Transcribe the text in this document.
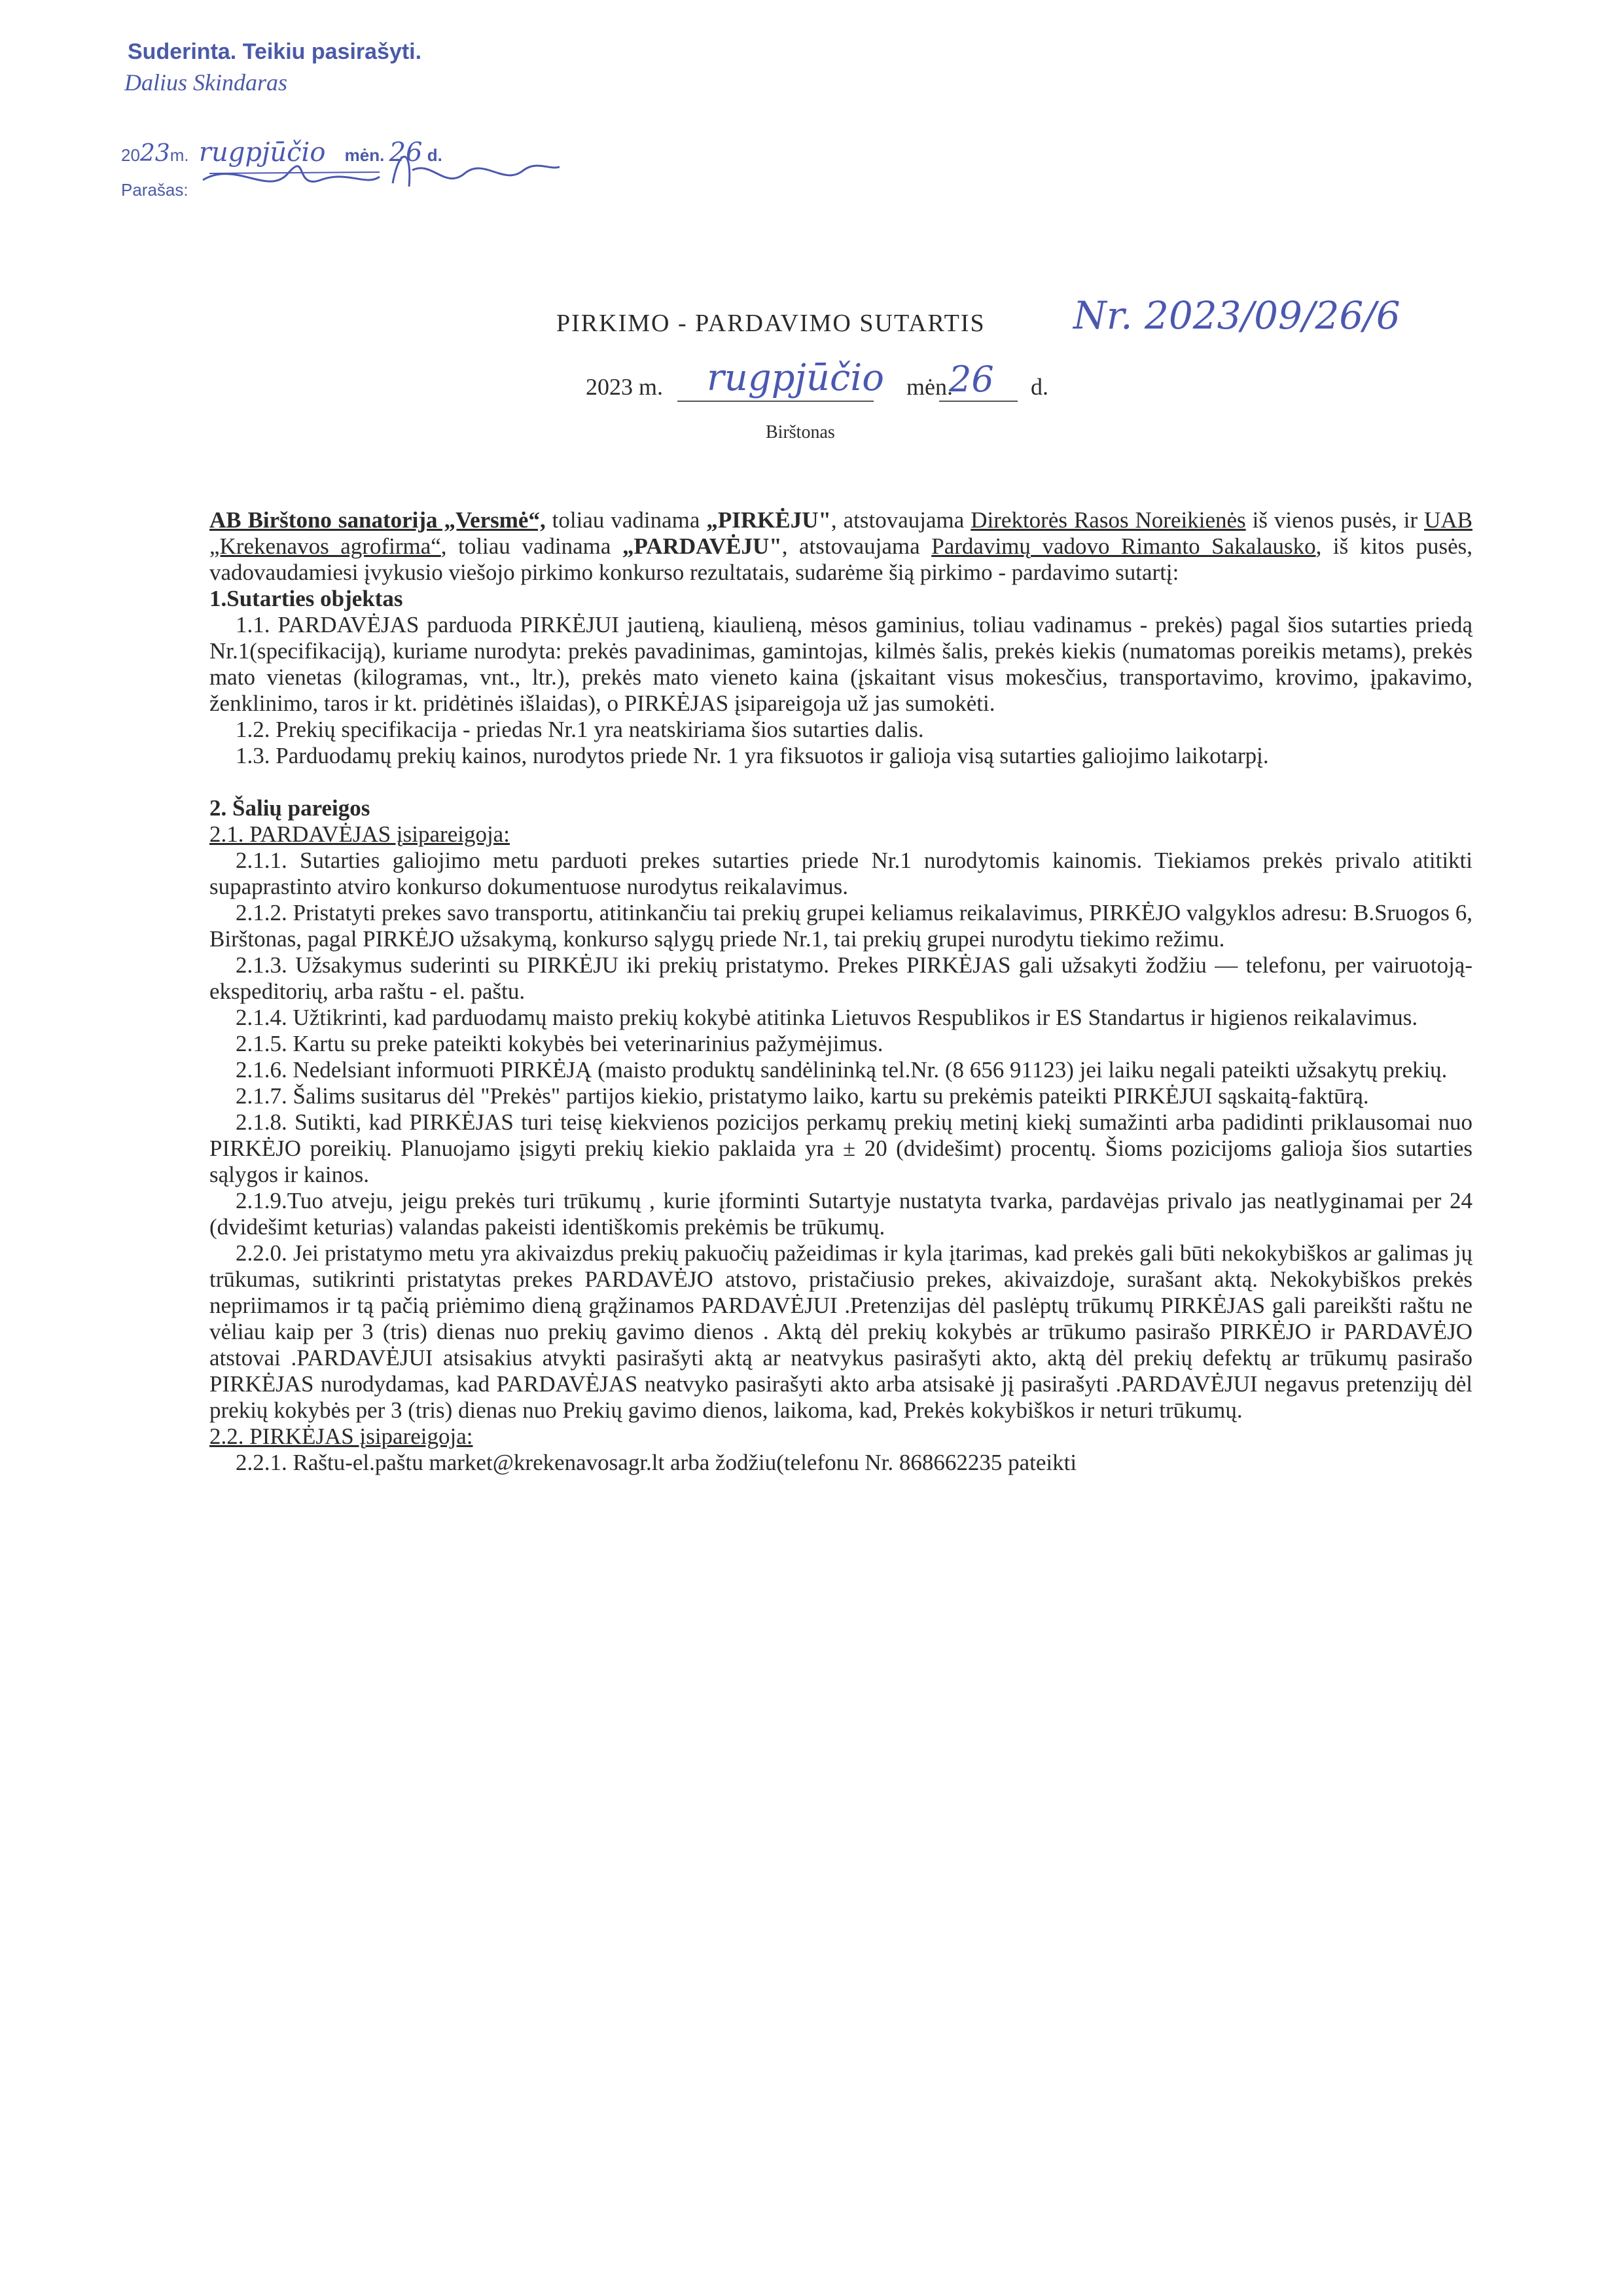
Suderinta. Teikiu pasirašyti.
Dalius Skindaras
2023m. rugpjūčio mėn. 26 d.
Parašas:
PIRKIMO - PARDAVIMO SUTARTIS Nr. 2023/09/26/6
2023 m. rugpjūčio mėn.
26 d.
Birštonas

AB Birštono sanatorija „Versmė“, toliau vadinama „PIRKĖJU", atstovaujama Direktorės Rasos Noreikienės iš vienos pusės, ir UAB „Krekenavos agrofirma“, toliau vadinama „PARDAVĖJU", atstovaujama Pardavimų vadovo Rimanto Sakalausko, iš kitos pusės, vadovaudamiesi įvykusio viešojo pirkimo konkurso rezultatais, sudarėme šią pirkimo - pardavimo sutartį:

1.Sutarties objektas

1.1. PARDAVĖJAS parduoda PIRKĖJUI jautieną, kiaulieną, mėsos gaminius, toliau vadinamus - prekės) pagal šios sutarties priedą Nr.1(specifikaciją), kuriame nurodyta: prekės pavadinimas, gamintojas, kilmės šalis, prekės kiekis (numatomas poreikis metams), prekės mato vienetas (kilogramas, vnt., ltr.), prekės mato vieneto kaina (įskaitant visus mokesčius, transportavimo, krovimo, įpakavimo, ženklinimo, taros ir kt. pridėtinės išlaidas), o PIRKĖJAS įsipareigoja už jas sumokėti.

1.2. Prekių specifikacija - priedas Nr.1 yra neatskiriama šios sutarties dalis.

1.3. Parduodamų prekių kainos, nurodytos priede Nr. 1 yra fiksuotos ir galioja visą sutarties galiojimo laikotarpį.

2. Šalių pareigos

2.1. PARDAVĖJAS įsipareigoja:

2.1.1. Sutarties galiojimo metu parduoti prekes sutarties priede Nr.1 nurodytomis kainomis. Tiekiamos prekės privalo atitikti supaprastinto atviro konkurso dokumentuose nurodytus reikalavimus.

2.1.2. Pristatyti prekes savo transportu, atitinkančiu tai prekių grupei keliamus reikalavimus, PIRKĖJO valgyklos adresu: B.Sruogos 6, Birštonas, pagal PIRKĖJO užsakymą, konkurso sąlygų priede Nr.1, tai prekių grupei nurodytu tiekimo režimu.

2.1.3. Užsakymus suderinti su PIRKĖJU iki prekių pristatymo. Prekes PIRKĖJAS gali užsakyti žodžiu — telefonu, per vairuotoją- ekspeditorių, arba raštu - el. paštu.

2.1.4. Užtikrinti, kad parduodamų maisto prekių kokybė atitinka Lietuvos Respublikos ir ES Standartus ir higienos reikalavimus.

2.1.5. Kartu su preke pateikti kokybės bei veterinarinius pažymėjimus.

2.1.6. Nedelsiant informuoti PIRKĖJĄ (maisto produktų sandėlininką tel.Nr. (8 656 91123) jei laiku negali pateikti užsakytų prekių.

2.1.7. Šalims susitarus dėl "Prekės" partijos kiekio, pristatymo laiko, kartu su prekėmis pateikti PIRKĖJUI sąskaitą-faktūrą.

2.1.8. Sutikti, kad PIRKĖJAS turi teisę kiekvienos pozicijos perkamų prekių metinį kiekį sumažinti arba padidinti priklausomai nuo PIRKĖJO poreikių. Planuojamo įsigyti prekių kiekio paklaida yra ± 20 (dvidešimt) procentų. Šioms pozicijoms galioja šios sutarties sąlygos ir kainos.

2.1.9.Tuo atveju, jeigu prekės turi trūkumų , kurie įforminti Sutartyje nustatyta tvarka, pardavėjas privalo jas neatlyginamai per 24 (dvidešimt keturias) valandas pakeisti identiškomis prekėmis be trūkumų.

2.2.0. Jei pristatymo metu yra akivaizdus prekių pakuočių pažeidimas ir kyla įtarimas, kad prekės gali būti nekokybiškos ar galimas jų trūkumas, sutikrinti pristatytas prekes PARDAVĖJO atstovo, pristačiusio prekes, akivaizdoje, surašant aktą. Nekokybiškos prekės nepriimamos ir tą pačią priėmimo dieną grąžinamos PARDAVĖJUI .Pretenzijas dėl paslėptų trūkumų PIRKĖJAS gali pareikšti raštu ne vėliau kaip per 3 (tris) dienas nuo prekių gavimo dienos . Aktą dėl prekių kokybės ar trūkumo pasirašo PIRKĖJO ir PARDAVĖJO atstovai .PARDAVĖJUI atsisakius atvykti pasirašyti aktą ar neatvykus pasirašyti akto, aktą dėl prekių defektų ar trūkumų pasirašo PIRKĖJAS nurodydamas, kad PARDAVĖJAS neatvyko pasirašyti akto arba atsisakė jį pasirašyti .PARDAVĖJUI negavus pretenzijų dėl prekių kokybės per 3 (tris) dienas nuo Prekių gavimo dienos, laikoma, kad, Prekės kokybiškos ir neturi trūkumų.

2.2. PIRKĖJAS įsipareigoja:

2.2.1. Raštu-el.paštu market@krekenavosagr.lt arba žodžiu(telefonu Nr. 868662235 pateikti
